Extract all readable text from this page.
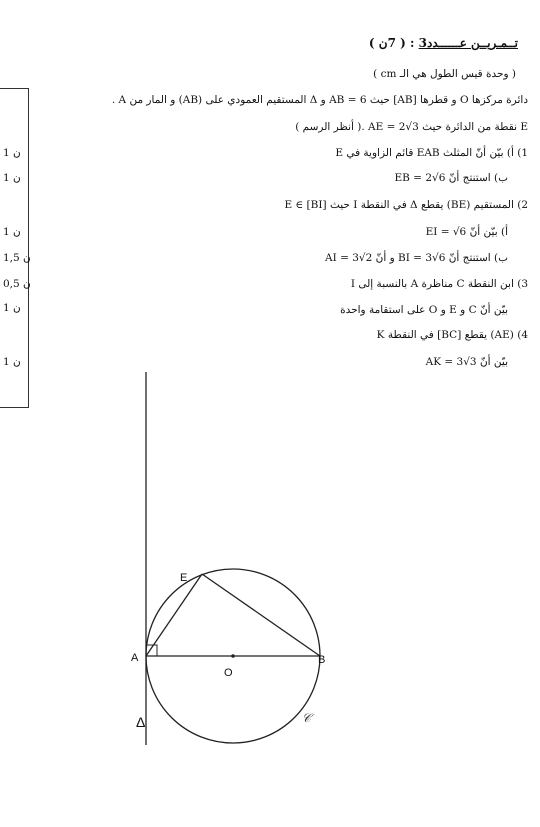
تــمـريــن عــــــدد3 : ( 7ن )
( وحدة قيس الطول هي الـ cm )
دائرة مركزها O و قطرها [AB] حيث AB = 6 و Δ المستقيم العمودي على (AB) و المار من A .
E نقطة من الدائرة حيث AE = 2√3 .( أنظر الرسم )
1) أ) بيّن أنّ المثلث EAB قائم الزاوية في E
ب) استنتج أنّ EB = 2√6
2) المستقيم (BE) يقطع Δ في النقطة I حيث E ∈ [BI]
أ) بيّن أنّ EI = √6
ب) استنتج أنّ BI = 3√6 و أنّ AI = 3√2
3) ابن النقطة C مناظرة A بالنسبة إلى I
بيّن أنّ C و E و O على استقامة واحدة
4) (AE) يقطع [BC] في النقطة K
بيّن أنّ AK = 3√3
1 ن
1 ن
1 ن
1,5 ن
0,5 ن
1 ن
1 ن
E
A
O
B
Δ	𝒞
